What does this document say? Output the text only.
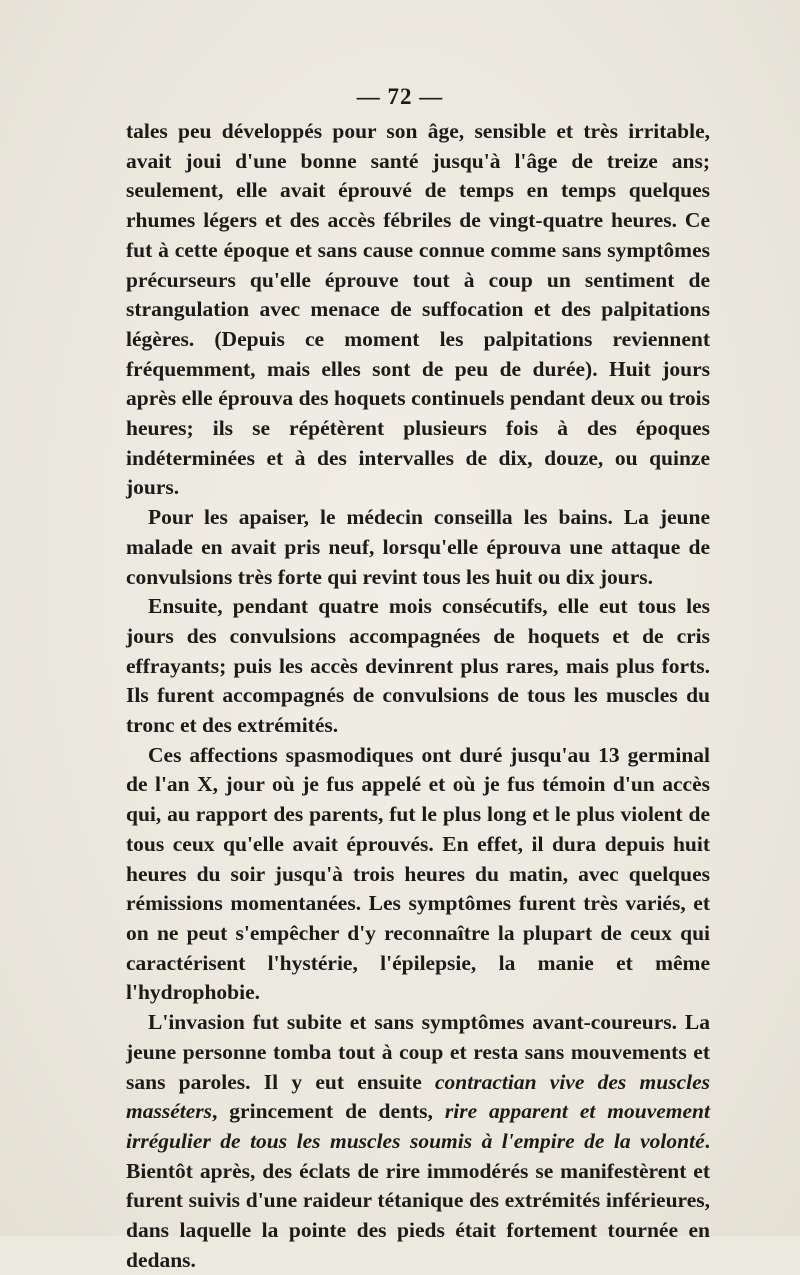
— 72 —

tales peu développés pour son âge, sensible et très irritable, avait joui d'une bonne santé jusqu'à l'âge de treize ans; seulement, elle avait éprouvé de temps en temps quelques rhumes légers et des accès fébriles de vingt-quatre heures. Ce fut à cette époque et sans cause connue comme sans symptômes précurseurs qu'elle éprouve tout à coup un sentiment de strangulation avec menace de suffocation et des palpitations légères. (Depuis ce moment les palpitations reviennent fréquemment, mais elles sont de peu de durée). Huit jours après elle éprouva des hoquets continuels pendant deux ou trois heures; ils se répétèrent plusieurs fois à des époques indéterminées et à des intervalles de dix, douze, ou quinze jours.

Pour les apaiser, le médecin conseilla les bains. La jeune malade en avait pris neuf, lorsqu'elle éprouva une attaque de convulsions très forte qui revint tous les huit ou dix jours.

Ensuite, pendant quatre mois consécutifs, elle eut tous les jours des convulsions accompagnées de hoquets et de cris effrayants; puis les accès devinrent plus rares, mais plus forts. Ils furent accompagnés de convulsions de tous les muscles du tronc et des extrémités.

Ces affections spasmodiques ont duré jusqu'au 13 germinal de l'an X, jour où je fus appelé et où je fus témoin d'un accès qui, au rapport des parents, fut le plus long et le plus violent de tous ceux qu'elle avait éprouvés. En effet, il dura depuis huit heures du soir jusqu'à trois heures du matin, avec quelques rémissions momentanées. Les symptômes furent très variés, et on ne peut s'empêcher d'y reconnaître la plupart de ceux qui caractérisent l'hystérie, l'épilepsie, la manie et même l'hydrophobie.

L'invasion fut subite et sans symptômes avant-coureurs. La jeune personne tomba tout à coup et resta sans mouvements et sans paroles. Il y eut ensuite contractian vive des muscles masséters, grincement de dents, rire apparent et mouvement irrégulier de tous les muscles soumis à l'empire de la volonté. Bientôt après, des éclats de rire immodérés se manifestèrent et furent suivis d'une raideur tétanique des extrémités inférieures, dans laquelle la pointe des pieds était fortement tournée en dedans.
